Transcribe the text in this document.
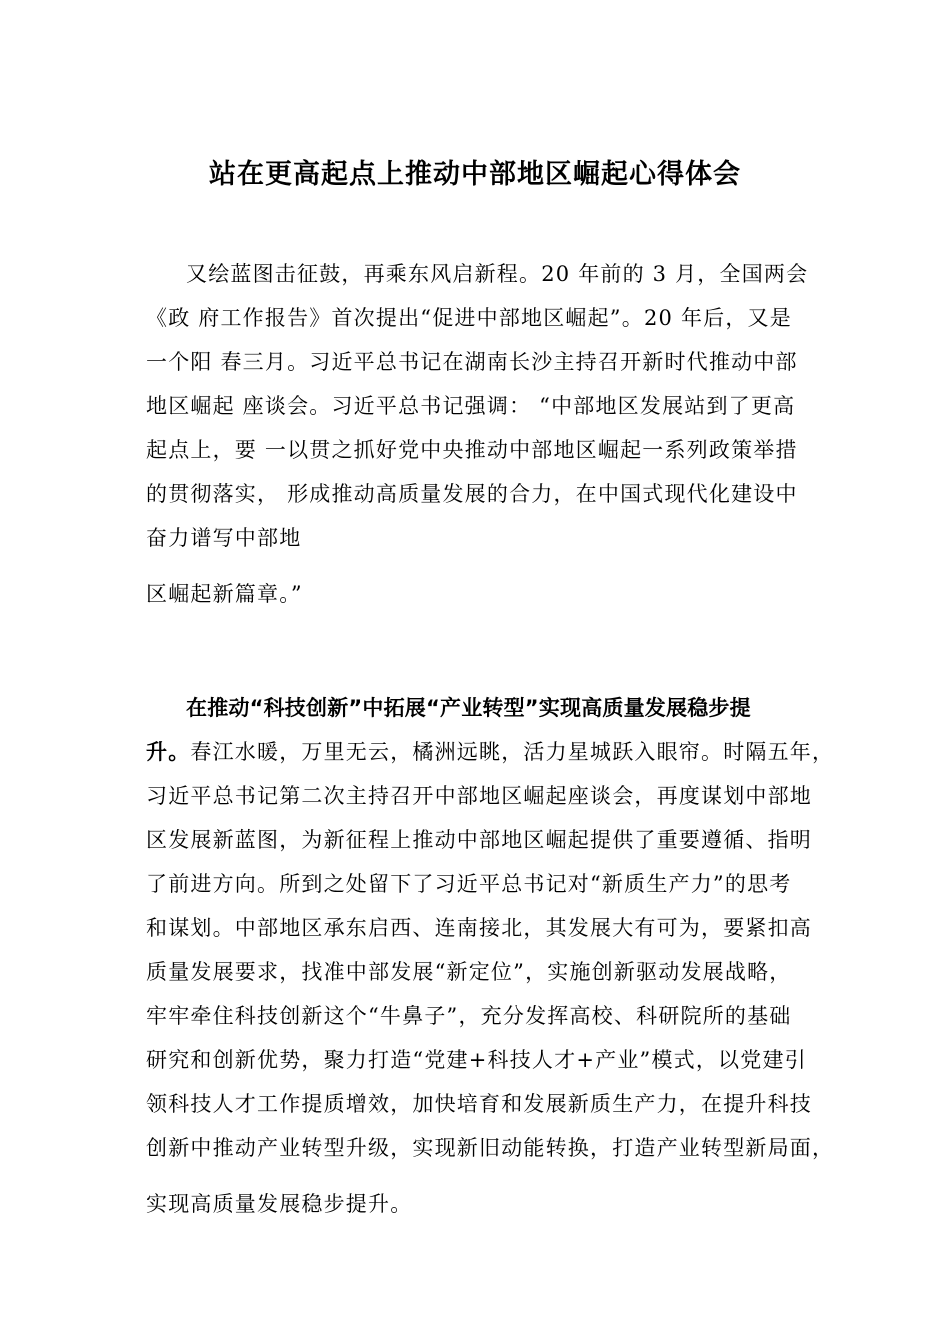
站在更高起点上推动中部地区崛起心得体会
又绘蓝图击征鼓，再乘东风启新程。20 年前的 3 月，全国两会
《政 府工作报告》首次提出“促进中部地区崛起”。20 年后，又是
一个阳 春三月。习近平总书记在湖南长沙主持召开新时代推动中部
地区崛起 座谈会。习近平总书记强调： “中部地区发展站到了更高
起点上，要 一以贯之抓好党中央推动中部地区崛起一系列政策举措
的贯彻落实， 形成推动高质量发展的合力，在中国式现代化建设中
奋力谱写中部地
区崛起新篇章。”
在推动“科技创新”中拓展“产业转型”实现高质量发展稳步提
升。春江水暖，万里无云，橘洲远眺，活力星城跃入眼帘。时隔五年，
习近平总书记第二次主持召开中部地区崛起座谈会，再度谋划中部地
区发展新蓝图，为新征程上推动中部地区崛起提供了重要遵循、指明
了前进方向。所到之处留下了习近平总书记对“新质生产力”的思考
和谋划。中部地区承东启西、连南接北，其发展大有可为，要紧扣高
质量发展要求，找准中部发展“新定位”，实施创新驱动发展战略，
牢牢牵住科技创新这个“牛鼻子”，充分发挥高校、科研院所的基础
研究和创新优势，聚力打造“党建+科技人才+产业”模式，以党建引
领科技人才工作提质增效，加快培育和发展新质生产力，在提升科技
创新中推动产业转型升级，实现新旧动能转换，打造产业转型新局面，
实现高质量发展稳步提升。
